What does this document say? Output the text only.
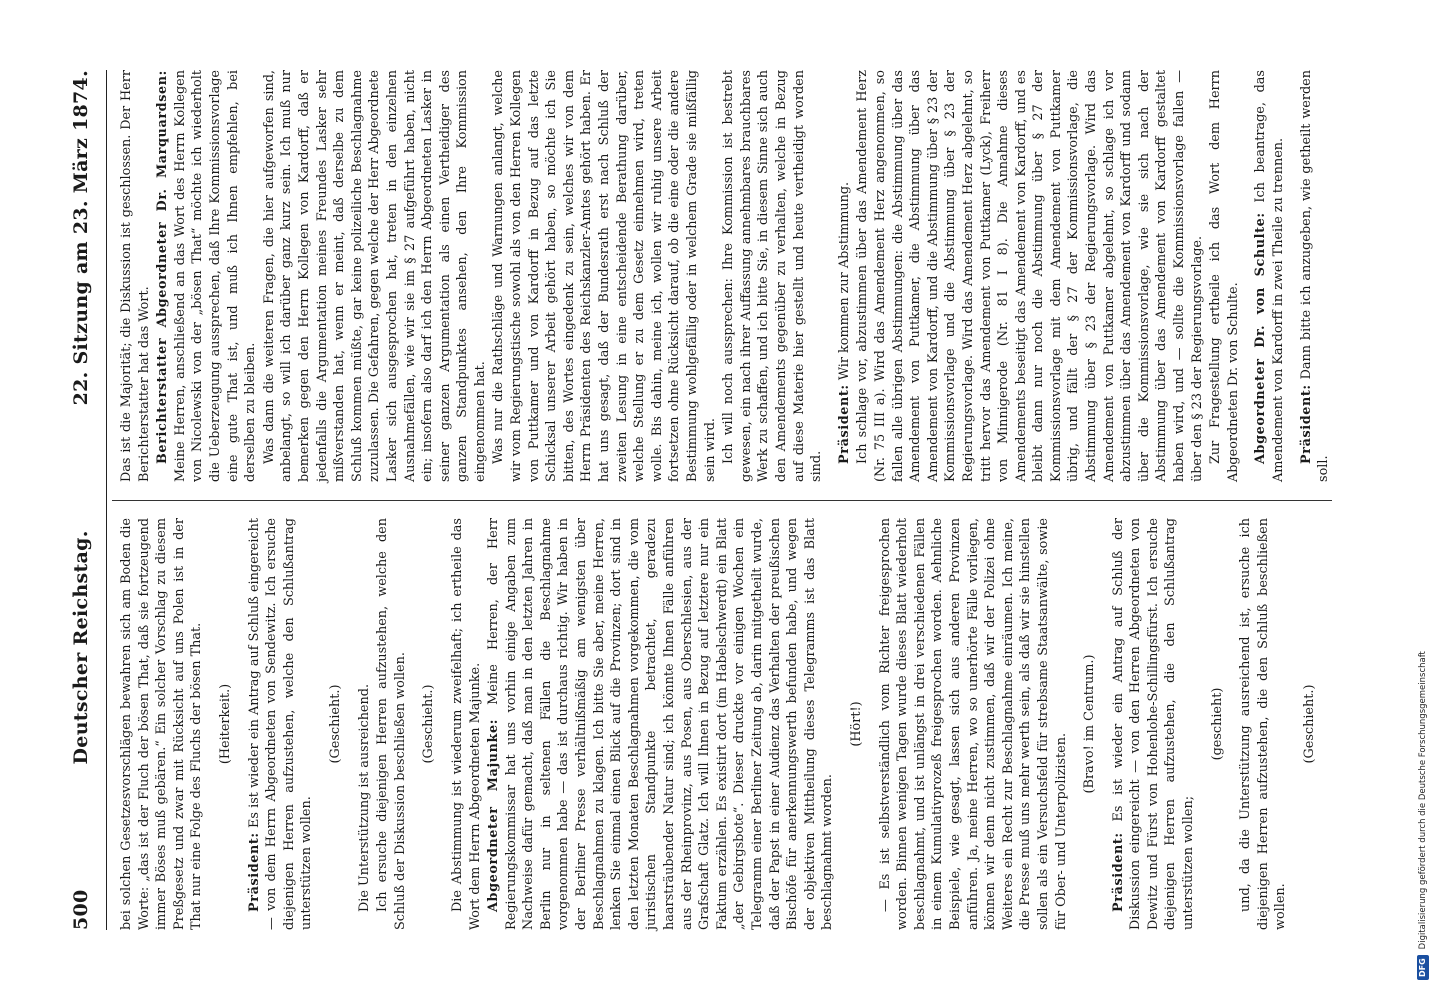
500
Deutscher Reichstag.
22. Sitzung am 23. März 1874.

bei solchen Gesetzesvorschlägen bewahren sich am Boden die Worte: „das ist der Fluch der bösen That, daß sie fortzeugend immer Böses muß gebären.“ Ein solcher Vorschlag zu diesem Preßgesetz und zwar mit Rücksicht auf uns Polen ist in der That nur eine Folge des Fluchs der bösen That. (Heiterkeit.)

Präsident: Es ist wieder ein Antrag auf Schluß eingereicht — von dem Herrn Abgeordneten von Sendewitz. Ich ersuche diejenigen Herren aufzustehen, welche den Schlußantrag unterstützen wollen.

(Geschieht.) Die Unterstützung ist ausreichend. Ich ersuche diejenigen Herren aufzustehen, welche den Schluß der Diskussion beschließen wollen. (Geschieht.) Die Abstimmung ist wiederum zweifelhaft; ich ertheile das Wort dem Herrn Abgeordneten Majunke. Abgeordneter Majunke: Meine Herren, der Herr Regierungskommissar hat uns vorhin einige Angaben zum Nachweise dafür gemacht, daß man in den letzten Jahren in Berlin nur in seltenen Fällen die Beschlagnahme vorgenommen habe — das ist durchaus richtig. Wir haben in der Berliner Presse verhältnißmäßig am wenigsten über Beschlagnahmen zu klagen. Ich bitte Sie aber, meine Herren, lenken Sie einmal einen Blick auf die Provinzen; dort sind in den letzten Monaten Beschlagnahmen vorgekommen, die vom juristischen Standpunkte betrachtet, geradezu haarsträubender Natur sind; ich könnte Ihnen Fälle anführen aus der Rheinprovinz, aus Posen, aus Oberschlesien, aus der Grafschaft Glatz. Ich will Ihnen in Bezug auf letztere nur ein Faktum erzählen. Es existirt dort (im Habelschwerdt) ein Blatt „der Gebirgsbote“. Dieser druckte vor einigen Wochen ein Telegramm einer Berliner Zeitung ab, darin mitgetheilt wurde, daß der Papst in einer Audienz das Verhalten der preußischen Bischöfe für anerkennungswerth befunden habe, und wegen der objektiven Mittheilung dieses Telegramms ist das Blatt beschlagnahmt worden.

(Hört!) — Es ist selbstverständlich vom Richter freigesprochen worden. Binnen wenigen Tagen wurde dieses Blatt wiederholt beschlagnahmt, und ist unlängst in drei verschiedenen Fällen in einem Kumulativprozeß freigesprochen worden. Aehnliche Beispiele, wie gesagt, lassen sich aus anderen Provinzen anführen. Ja, meine Herren, wo so unerhörte Fälle vorliegen, können wir denn nicht zustimmen, daß wir der Polizei ohne Weiteres ein Recht zur Beschlagnahme einräumen. Ich meine, die Presse muß uns mehr werth sein, als daß wir sie hinstellen sollen als ein Versuchsfeld für strebsame Staatsanwälte, sowie für Ober- und Unterpolizisten.

(Bravo! im Centrum.)

Präsident: Es ist wieder ein Antrag auf Schluß der Diskussion eingereicht — von den Herren Abgeordneten von Dewitz und Fürst von Hohenlohe-Schillingsfürst. Ich ersuche diejenigen Herren aufzustehen, die den Schlußantrag unterstützen wollen;

(geschieht) und, da die Unterstützung ausreichend ist, ersuche ich diejenigen Herren aufzustehen, die den Schluß beschließen wollen.

(Geschieht.)

Das ist die Majorität; die Diskussion ist geschlossen. Der Herr Berichterstatter hat das Wort. Berichterstatter Abgeordneter Dr. Marquardsen: Meine Herren, anschließend an das Wort des Herrn Kollegen von Nicolewski von der „bösen That“ möchte ich wiederholt die Ueberzeugung aussprechen, daß Ihre Kommissionsvorlage eine gute That ist, und muß ich Ihnen empfehlen, bei derselben zu bleiben. Was dann die weiteren Fragen, die hier aufgeworfen sind, anbelangt, so will ich darüber ganz kurz sein. Ich muß nur bemerken gegen den Herrn Kollegen von Kardorff, daß er jedenfalls die Argumentation meines Freundes Lasker sehr mißverstanden hat, wenn er meint, daß derselbe zu dem Schluß kommen müßte, gar keine polizeiliche Beschlagnahme zuzulassen. Die Gefahren, gegen welche der Herr Abgeordnete Lasker sich ausgesprochen hat, treten in den einzelnen Ausnahmefällen, wie wir sie im § 27 aufgeführt haben, nicht ein; insofern also darf ich den Herrn Abgeordneten Lasker in seiner ganzen Argumentation als einen Vertheidiger des ganzen Standpunktes ansehen, den Ihre Kommission eingenommen hat. Was nur die Rathschläge und Warnungen anlangt, welche wir vom Regierungstische sowohl als von den Herren Kollegen von Puttkamer und von Kardorff in Bezug auf das letzte Schicksal unserer Arbeit gehört haben, so möchte ich Sie bitten, des Wortes eingedenk zu sein, welches wir von dem Herrn Präsidenten des Reichskanzler-Amtes gehört haben. Er hat uns gesagt, daß der Bundesrath erst nach Schluß der zweiten Lesung in eine entscheidende Berathung darüber, welche Stellung er zu dem Gesetz einnehmen wird, treten wolle. Bis dahin, meine ich, wollen wir ruhig unsere Arbeit fortsetzen ohne Rücksicht darauf, ob die eine oder die andere Bestimmung wohlgefällig oder in welchem Grade sie mißfällig sein wird. Ich will noch aussprechen: Ihre Kommission ist bestrebt gewesen, ein nach ihrer Auffassung annehmbares brauchbares Werk zu schaffen, und ich bitte Sie, in diesem Sinne sich auch den Amendements gegenüber zu verhalten, welche in Bezug auf diese Materie hier gestellt und heute vertheidigt worden sind.

Präsident: Wir kommen zur Abstimmung. Ich schlage vor, abzustimmen über das Amendement Herz (Nr. 75 III a). Wird das Amendement Herz angenommen, so fallen alle übrigen Abstimmungen: die Abstimmung über das Amendement von Puttkamer, die Abstimmung über das Amendement von Kardorff, und die Abstimmung über § 23 der Kommissionsvorlage und die Abstimmung über § 23 der Regierungsvorlage. Wird das Amendement Herz abgelehnt, so tritt hervor das Amendement von Puttkamer (Lyck), Freiherr von Minnigerode (Nr. 81 I 8). Die Annahme dieses Amendements beseitigt das Amendement von Kardorff, und es bleibt dann nur noch die Abstimmung über § 27 der Kommissionsvorlage mit dem Amendement von Puttkamer übrig, und fällt der § 27 der Kommissionsvorlage, die Abstimmung über § 23 der Regierungsvorlage. Wird das Amendement von Puttkamer abgelehnt, so schlage ich vor abzustimmen über das Amendement von Kardorff und sodann über die Kommissionsvorlage, wie sie sich nach der Abstimmung über das Amendement von Kardorff gestaltet haben wird, und — sollte die Kommissionsvorlage fallen — über den § 23 der Regierungsvorlage. Zur Fragestellung ertheile ich das Wort dem Herrn Abgeordneten Dr. von Schulte. Abgeordneter Dr. von Schulte: Ich beantrage, das Amendement von Kardorff in zwei Theile zu trennen. Präsident: Dann bitte ich anzugeben, wie getheilt werden soll.

DFG
Digitalisierung gefördert durch die Deutsche Forschungsgemeinschaft
